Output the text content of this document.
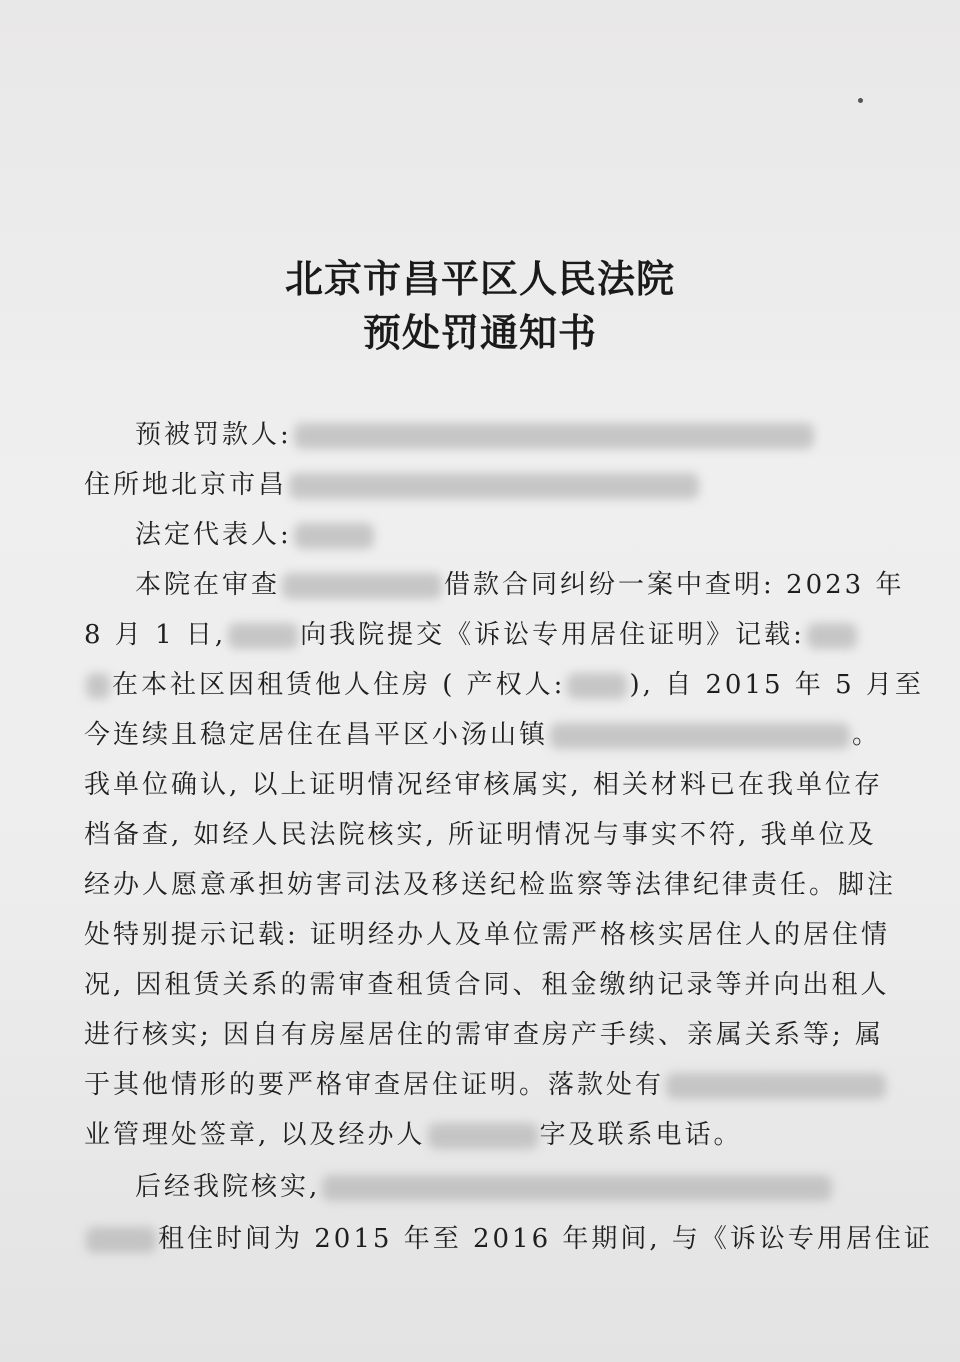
北京市昌平区人民法院
预处罚通知书
预被罚款人:
住所地北京市昌
法定代表人:
本院在审查	借款合同纠纷一案中查明: 2023 年
8 月 1 日,	向我院提交《诉讼专用居住证明》记载:
在本社区因租赁他人住房 ( 产权人: ), 自 2015 年 5 月至
今连续且稳定居住在昌平区小汤山镇	。
我单位确认, 以上证明情况经审核属实, 相关材料已在我单位存
档备查, 如经人民法院核实, 所证明情况与事实不符, 我单位及
经办人愿意承担妨害司法及移送纪检监察等法律纪律责任。脚注
处特别提示记载: 证明经办人及单位需严格核实居住人的居住情
况, 因租赁关系的需审查租赁合同、租金缴纳记录等并向出租人
进行核实; 因自有房屋居住的需审查房产手续、亲属关系等; 属
于其他情形的要严格审查居住证明。落款处有
业管理处签章, 以及经办人	字及联系电话。
后经我院核实,
租住时间为 2015 年至 2016 年期间, 与《诉讼专用居住证
